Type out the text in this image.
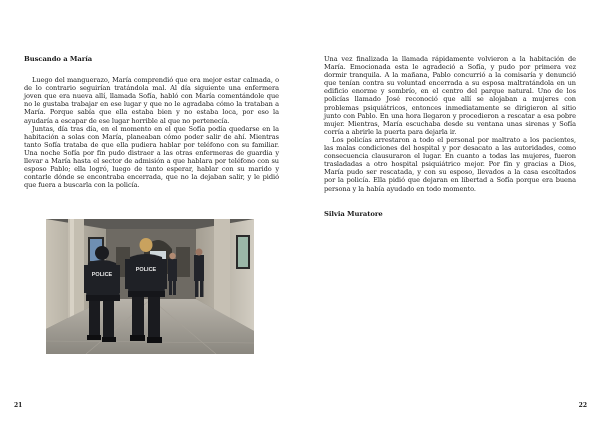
Buscando a María

Luego del manguerazo, María comprendió que era mejor estar calmada, o de lo contrario seguirían tratándola mal. Al día siguiente una enfermera joven que era nueva allí, llamada Sofía, habló con María comentándole que no le gustaba trabajar en ese lugar y que no le agradaba cómo la trataban a María. Porque sabía que ella estaba bien y no estaba loca, por eso la ayudaría a escapar de ese lugar horrible al que no pertenecía.

Juntas, día tras día, en el momento en el que Sofía podía quedarse en la habitación a solas con María, planeaban cómo poder salir de ahí. Mientras tanto Sofía trataba de que ella pudiera hablar por teléfono con su familiar. Una noche Sofía por fin pudo distraer a las otras enfermeras de guardia y llevar a María hasta el sector de admisión a que hablara por teléfono con su esposo Pablo; ella logró, luego de tanto esperar, hablar con su marido y contarle dónde se encontraba encerrada, que no la dejaban salir, y le pidió que fuera a buscarla con la policía.

POLICE
POLICE
21

Una vez finalizada la llamada rápidamente volvieron a la habitación de María. Emocionada esta le agradeció a Sofía, y pudo por primera vez dormir tranquila. A la mañana, Pablo concurrió a la comisaría y denunció que tenían contra su voluntad encerrada a su esposa maltratándola en un edificio enorme y sombrío, en el centro del parque natural. Uno de los policías llamado José reconoció que allí se alojaban a mujeres con problemas psiquiátricos, entonces inmediatamente se dirigieron al sitio junto con Pablo. En una hora llegaron y procedieron a rescatar a esa pobre mujer. Mientras, María escuchaba desde su ventana unas sirenas y Sofía corría a abrirle la puerta para dejarla ir.

Los policías arrestaron a todo el personal por maltrato a los pacientes, las malas condiciones del hospital y por desacato a las autoridades, como consecuencia clausuraron el lugar. En cuanto a todas las mujeres, fueron trasladadas a otro hospital psiquiátrico mejor. Por fin y gracias a Dios, María pudo ser rescatada, y con su esposo, llevados a la casa escoltados por la policía. Ella pidió que dejaran en libertad a Sofía porque era buena persona y la había ayudado en todo momento.

Silvia Muratore

22
